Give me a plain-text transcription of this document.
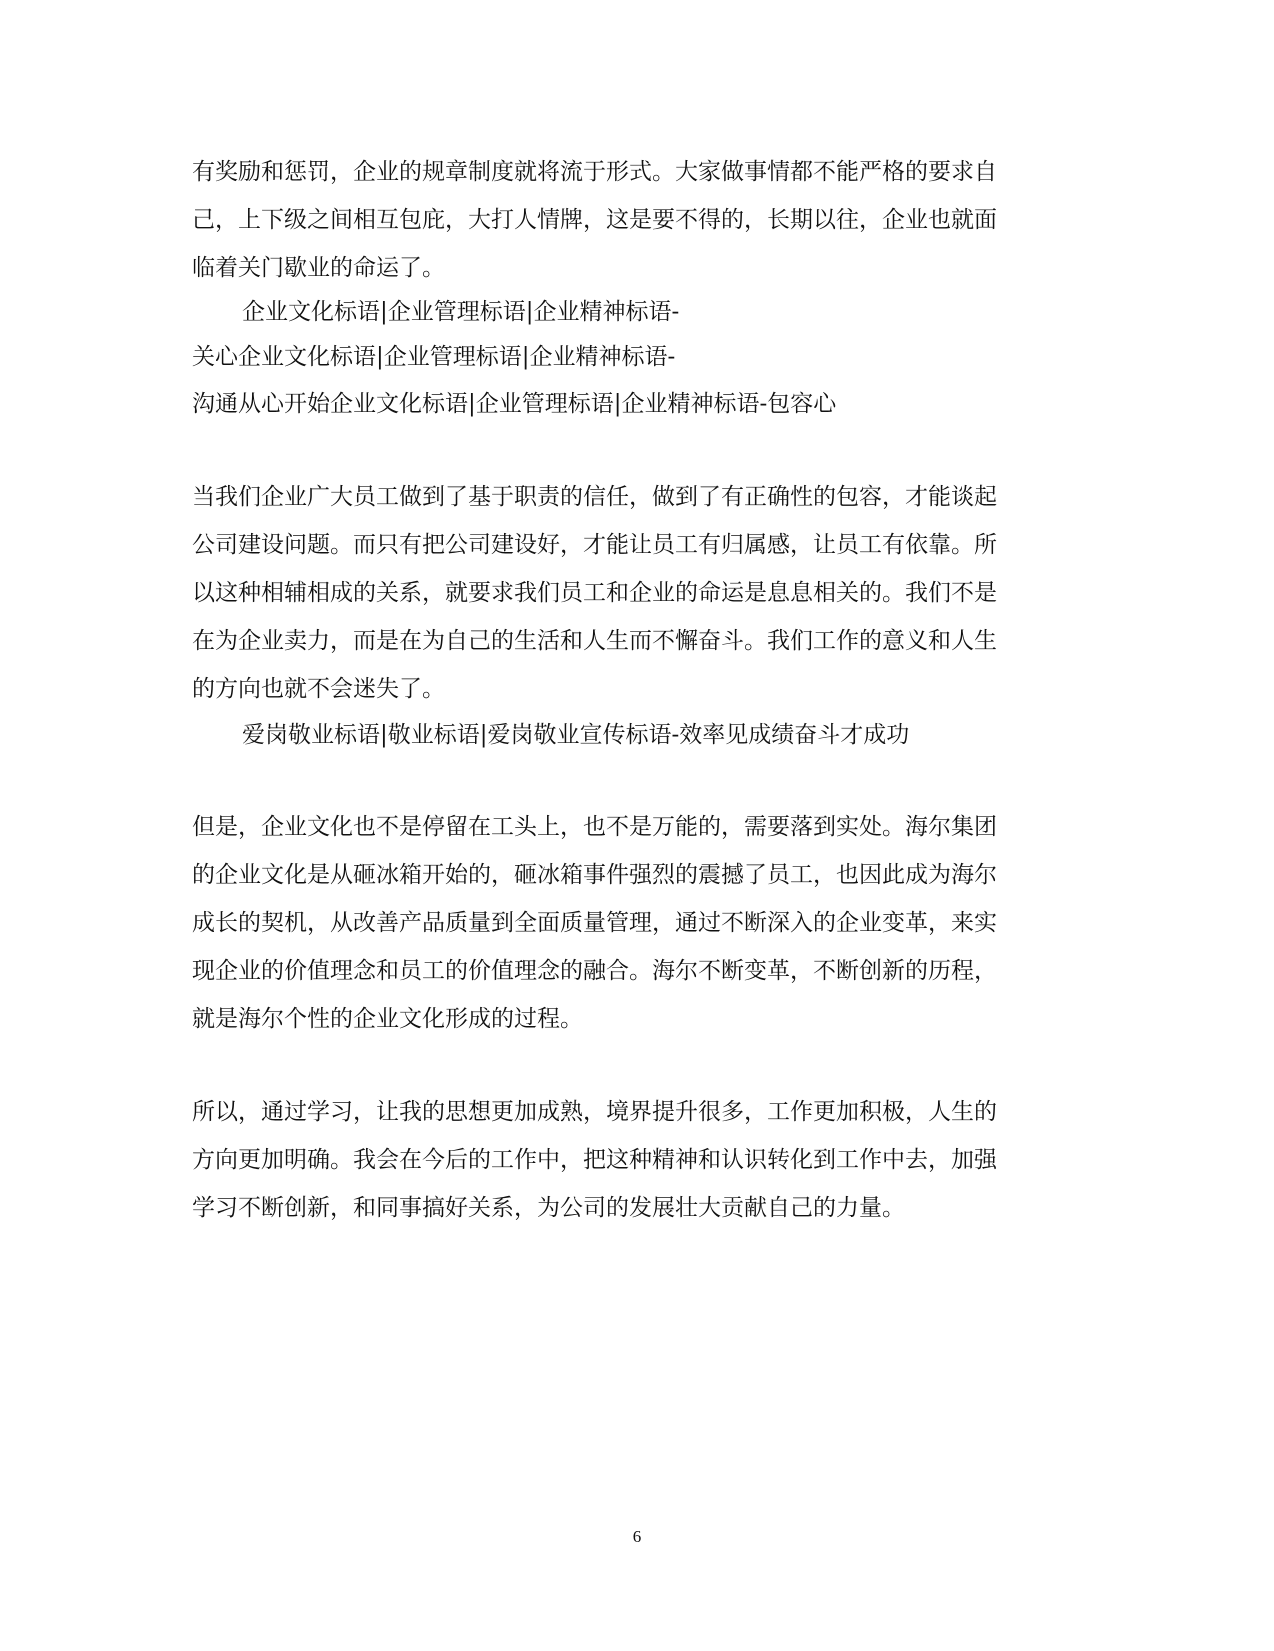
有奖励和惩罚，企业的规章制度就将流于形式。大家做事情都不能严格的要求自
己，上下级之间相互包庇，大打人情牌，这是要不得的，长期以往，企业也就面
临着关门歇业的命运了。
企业文化标语|企业管理标语|企业精神标语-
关心企业文化标语|企业管理标语|企业精神标语-
沟通从心开始企业文化标语|企业管理标语|企业精神标语-包容心
当我们企业广大员工做到了基于职责的信任，做到了有正确性的包容，才能谈起
公司建设问题。而只有把公司建设好，才能让员工有归属感，让员工有依靠。所
以这种相辅相成的关系，就要求我们员工和企业的命运是息息相关的。我们不是
在为企业卖力，而是在为自己的生活和人生而不懈奋斗。我们工作的意义和人生
的方向也就不会迷失了。
爱岗敬业标语|敬业标语|爱岗敬业宣传标语-效率见成绩奋斗才成功
但是，企业文化也不是停留在工头上，也不是万能的，需要落到实处。海尔集团
的企业文化是从砸冰箱开始的，砸冰箱事件强烈的震撼了员工，也因此成为海尔
成长的契机，从改善产品质量到全面质量管理，通过不断深入的企业变革，来实
现企业的价值理念和员工的价值理念的融合。海尔不断变革，不断创新的历程，
就是海尔个性的企业文化形成的过程。
所以，通过学习，让我的思想更加成熟，境界提升很多，工作更加积极，人生的
方向更加明确。我会在今后的工作中，把这种精神和认识转化到工作中去，加强
学习不断创新，和同事搞好关系，为公司的发展壮大贡献自己的力量。
6
